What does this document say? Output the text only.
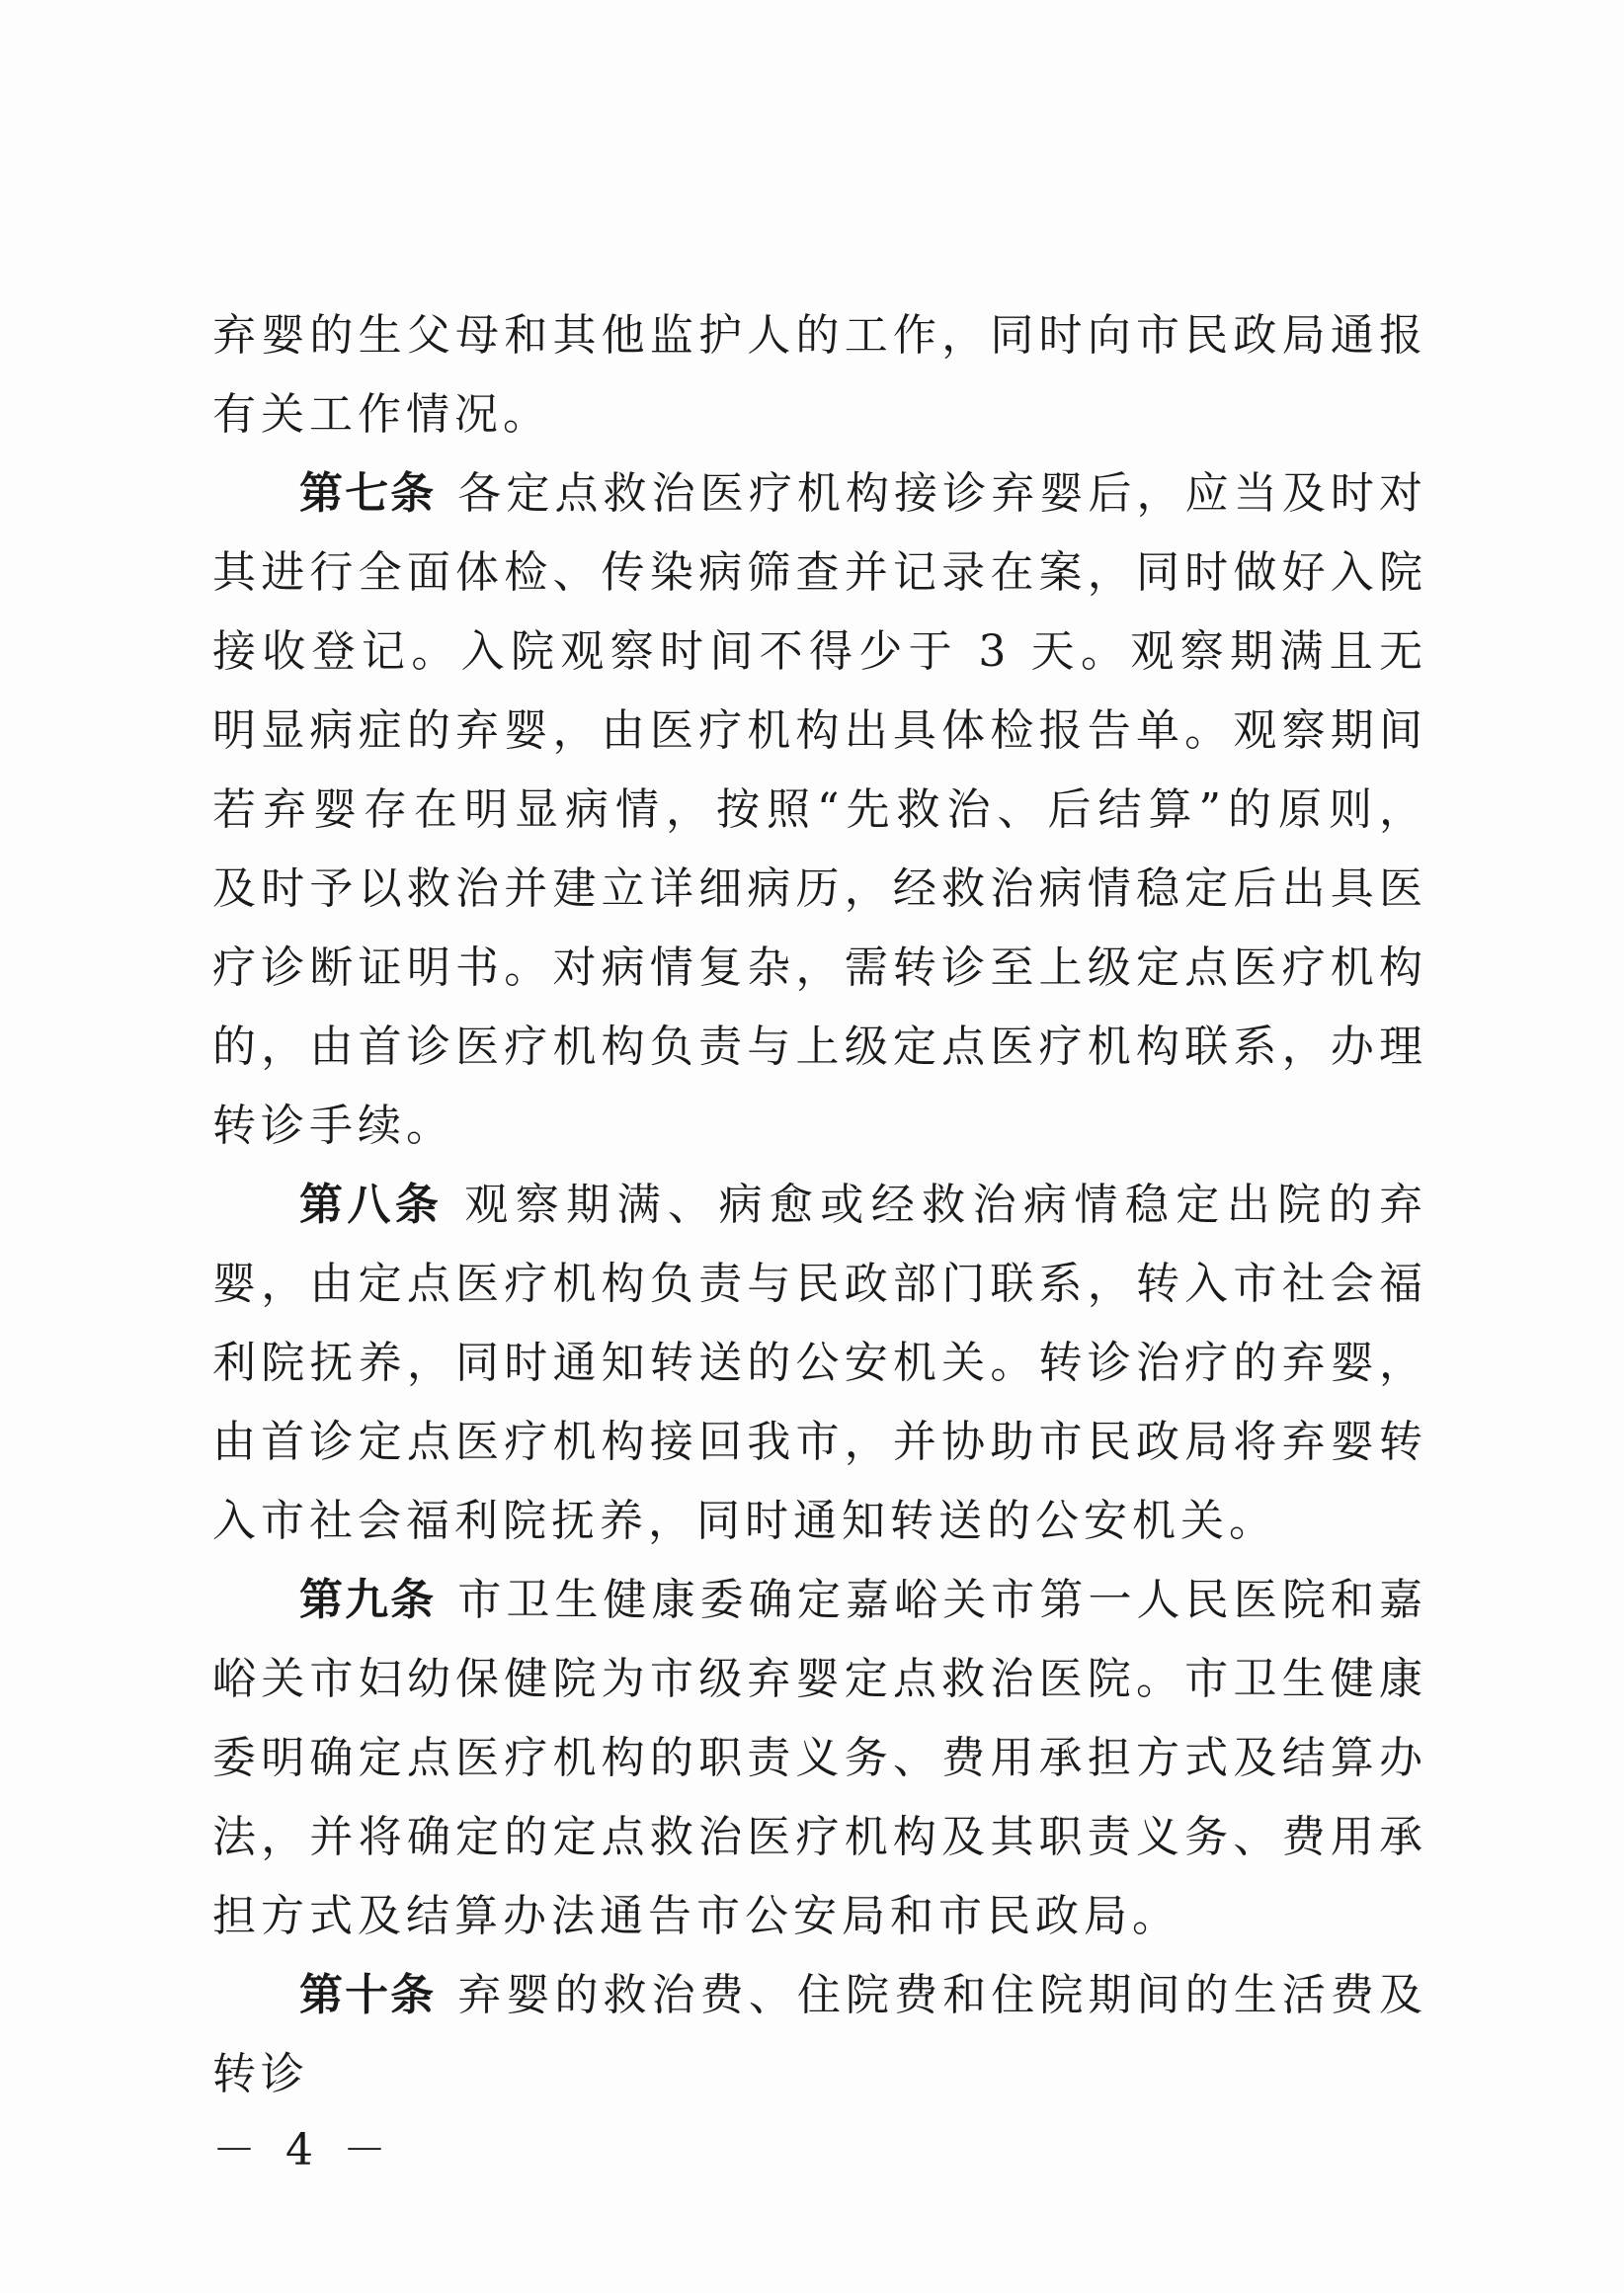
弃婴的生父母和其他监护人的工作，同时向市民政局通报有关工作情况。

第七条 各定点救治医疗机构接诊弃婴后，应当及时对其进行全面体检、传染病筛查并记录在案，同时做好入院接收登记。入院观察时间不得少于 3 天。观察期满且无明显病症的弃婴，由医疗机构出具体检报告单。观察期间若弃婴存在明显病情，按照“先救治、后结算”的原则，及时予以救治并建立详细病历，经救治病情稳定后出具医疗诊断证明书。对病情复杂，需转诊至上级定点医疗机构的，由首诊医疗机构负责与上级定点医疗机构联系，办理转诊手续。

第八条 观察期满、病愈或经救治病情稳定出院的弃婴，由定点医疗机构负责与民政部门联系，转入市社会福利院抚养，同时通知转送的公安机关。转诊治疗的弃婴，由首诊定点医疗机构接回我市，并协助市民政局将弃婴转入市社会福利院抚养，同时通知转送的公安机关。

第九条 市卫生健康委确定嘉峪关市第一人民医院和嘉峪关市妇幼保健院为市级弃婴定点救治医院。市卫生健康委明确定点医疗机构的职责义务、费用承担方式及结算办法，并将确定的定点救治医疗机构及其职责义务、费用承担方式及结算办法通告市公安局和市民政局。

第十条 弃婴的救治费、住院费和住院期间的生活费及转诊

－ 4 －
